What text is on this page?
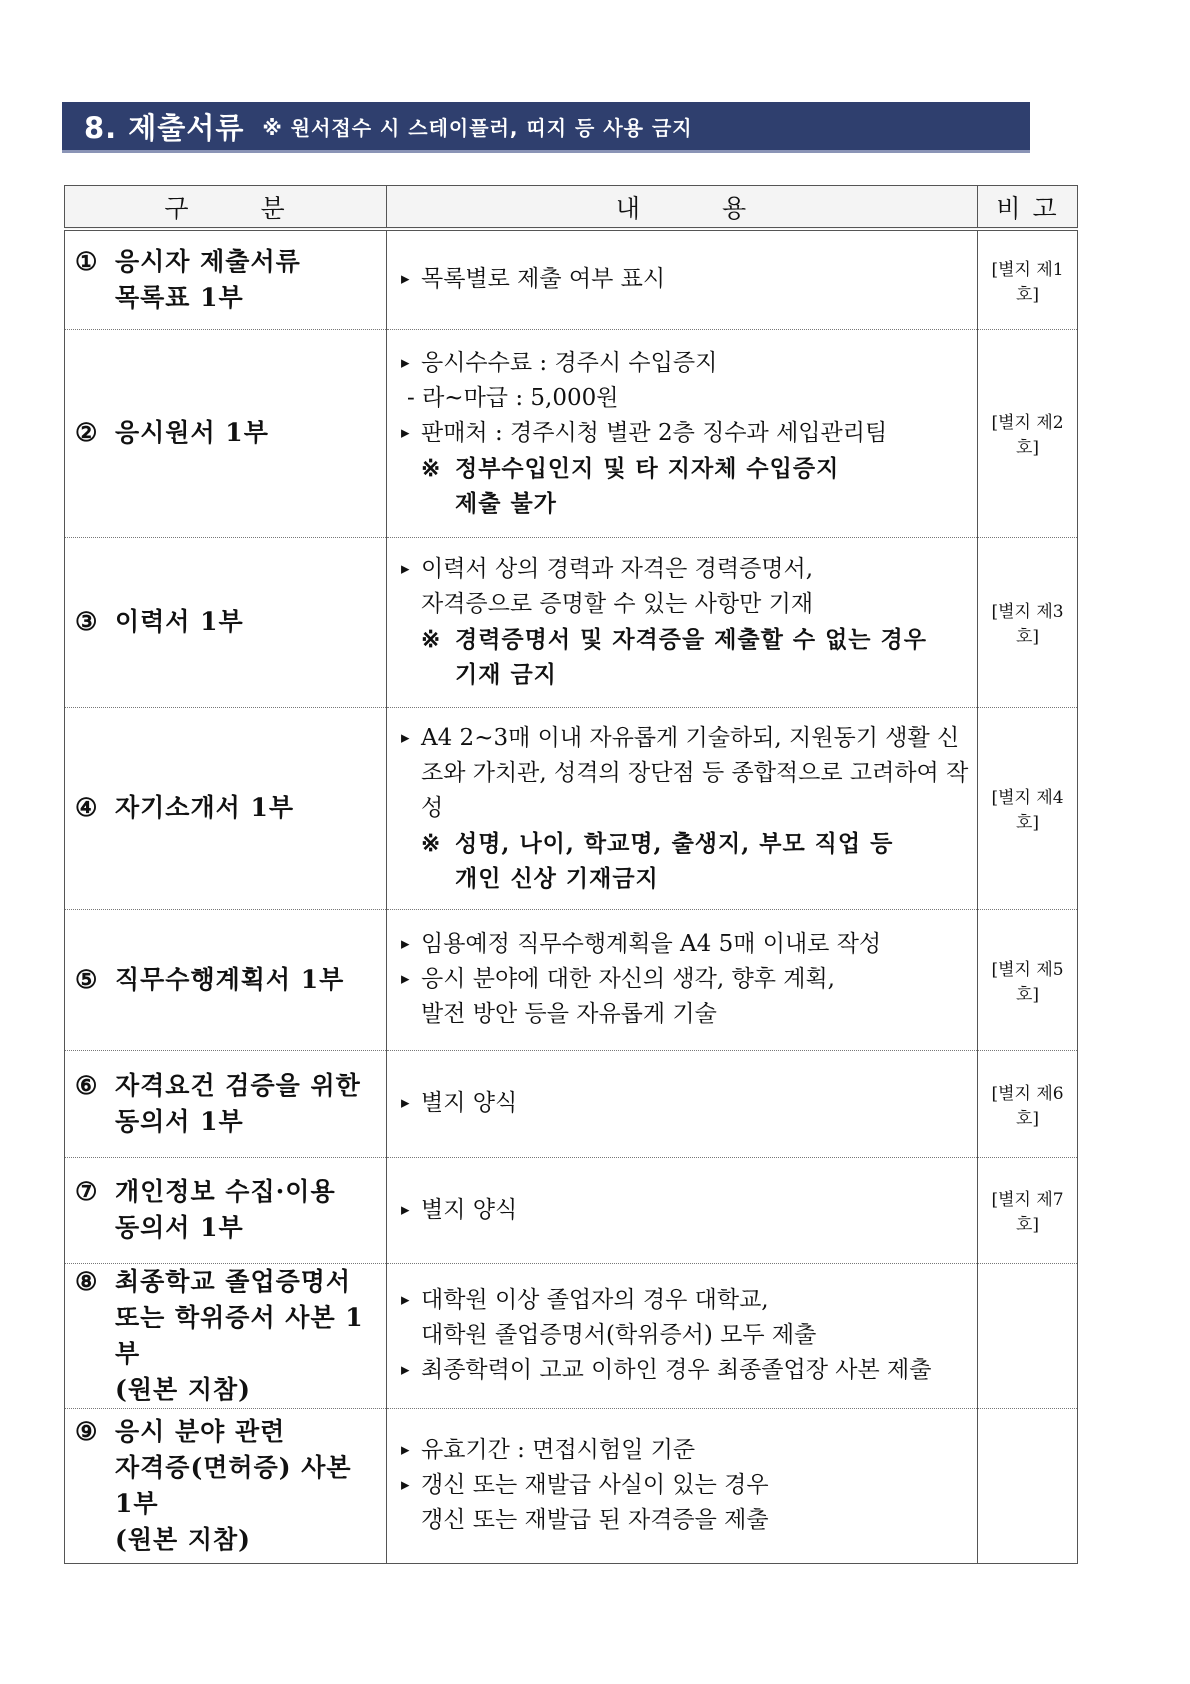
8. 제출서류 ※ 원서접수 시 스테이플러, 띠지 등 사용 금지
구 분	내 용	비 고
① 응시자 제출서류
목록표 1부	▸ 목록별로 제출 여부 표시	[별지 제1호]
② 응시원서 1부	▸ 응시수수료 : 경주시 수입증지
- 라~마급 : 5,000원
▸ 판매처 : 경주시청 별관 2층 징수과 세입관리팀
※ 정부수입인지 및 타 지자체 수입증지
제출 불가	[별지 제2호]
③ 이력서 1부	▸ 이력서 상의 경력과 자격은 경력증명서,
자격증으로 증명할 수 있는 사항만 기재
※ 경력증명서 및 자격증을 제출할 수 없는 경우
기재 금지	[별지 제3호]
④ 자기소개서 1부	▸ A4 2~3매 이내 자유롭게 기술하되, 지원동기 생활 신조와 가치관, 성격의 장단점 등 종합적으로 고려하여 작성
※ 성명, 나이, 학교명, 출생지, 부모 직업 등
개인 신상 기재금지	[별지 제4호]
⑤ 직무수행계획서 1부	▸ 임용예정 직무수행계획을 A4 5매 이내로 작성
▸ 응시 분야에 대한 자신의 생각, 향후 계획,
발전 방안 등을 자유롭게 기술	[별지 제5호]
⑥ 자격요건 검증을 위한
동의서 1부	▸ 별지 양식	[별지 제6호]
⑦ 개인정보 수집·이용
동의서 1부	▸ 별지 양식	[별지 제7호]
⑧ 최종학교 졸업증명서
또는 학위증서 사본 1부
(원본 지참)	▸ 대학원 이상 졸업자의 경우 대학교,
대학원 졸업증명서(학위증서) 모두 제출
▸ 최종학력이 고교 이하인 경우 최종졸업장 사본 제출

⑨ 응시 분야 관련
자격증(면허증) 사본 1부
(원본 지참)	▸ 유효기간 : 면접시험일 기준
▸ 갱신 또는 재발급 사실이 있는 경우
갱신 또는 재발급 된 자격증을 제출
